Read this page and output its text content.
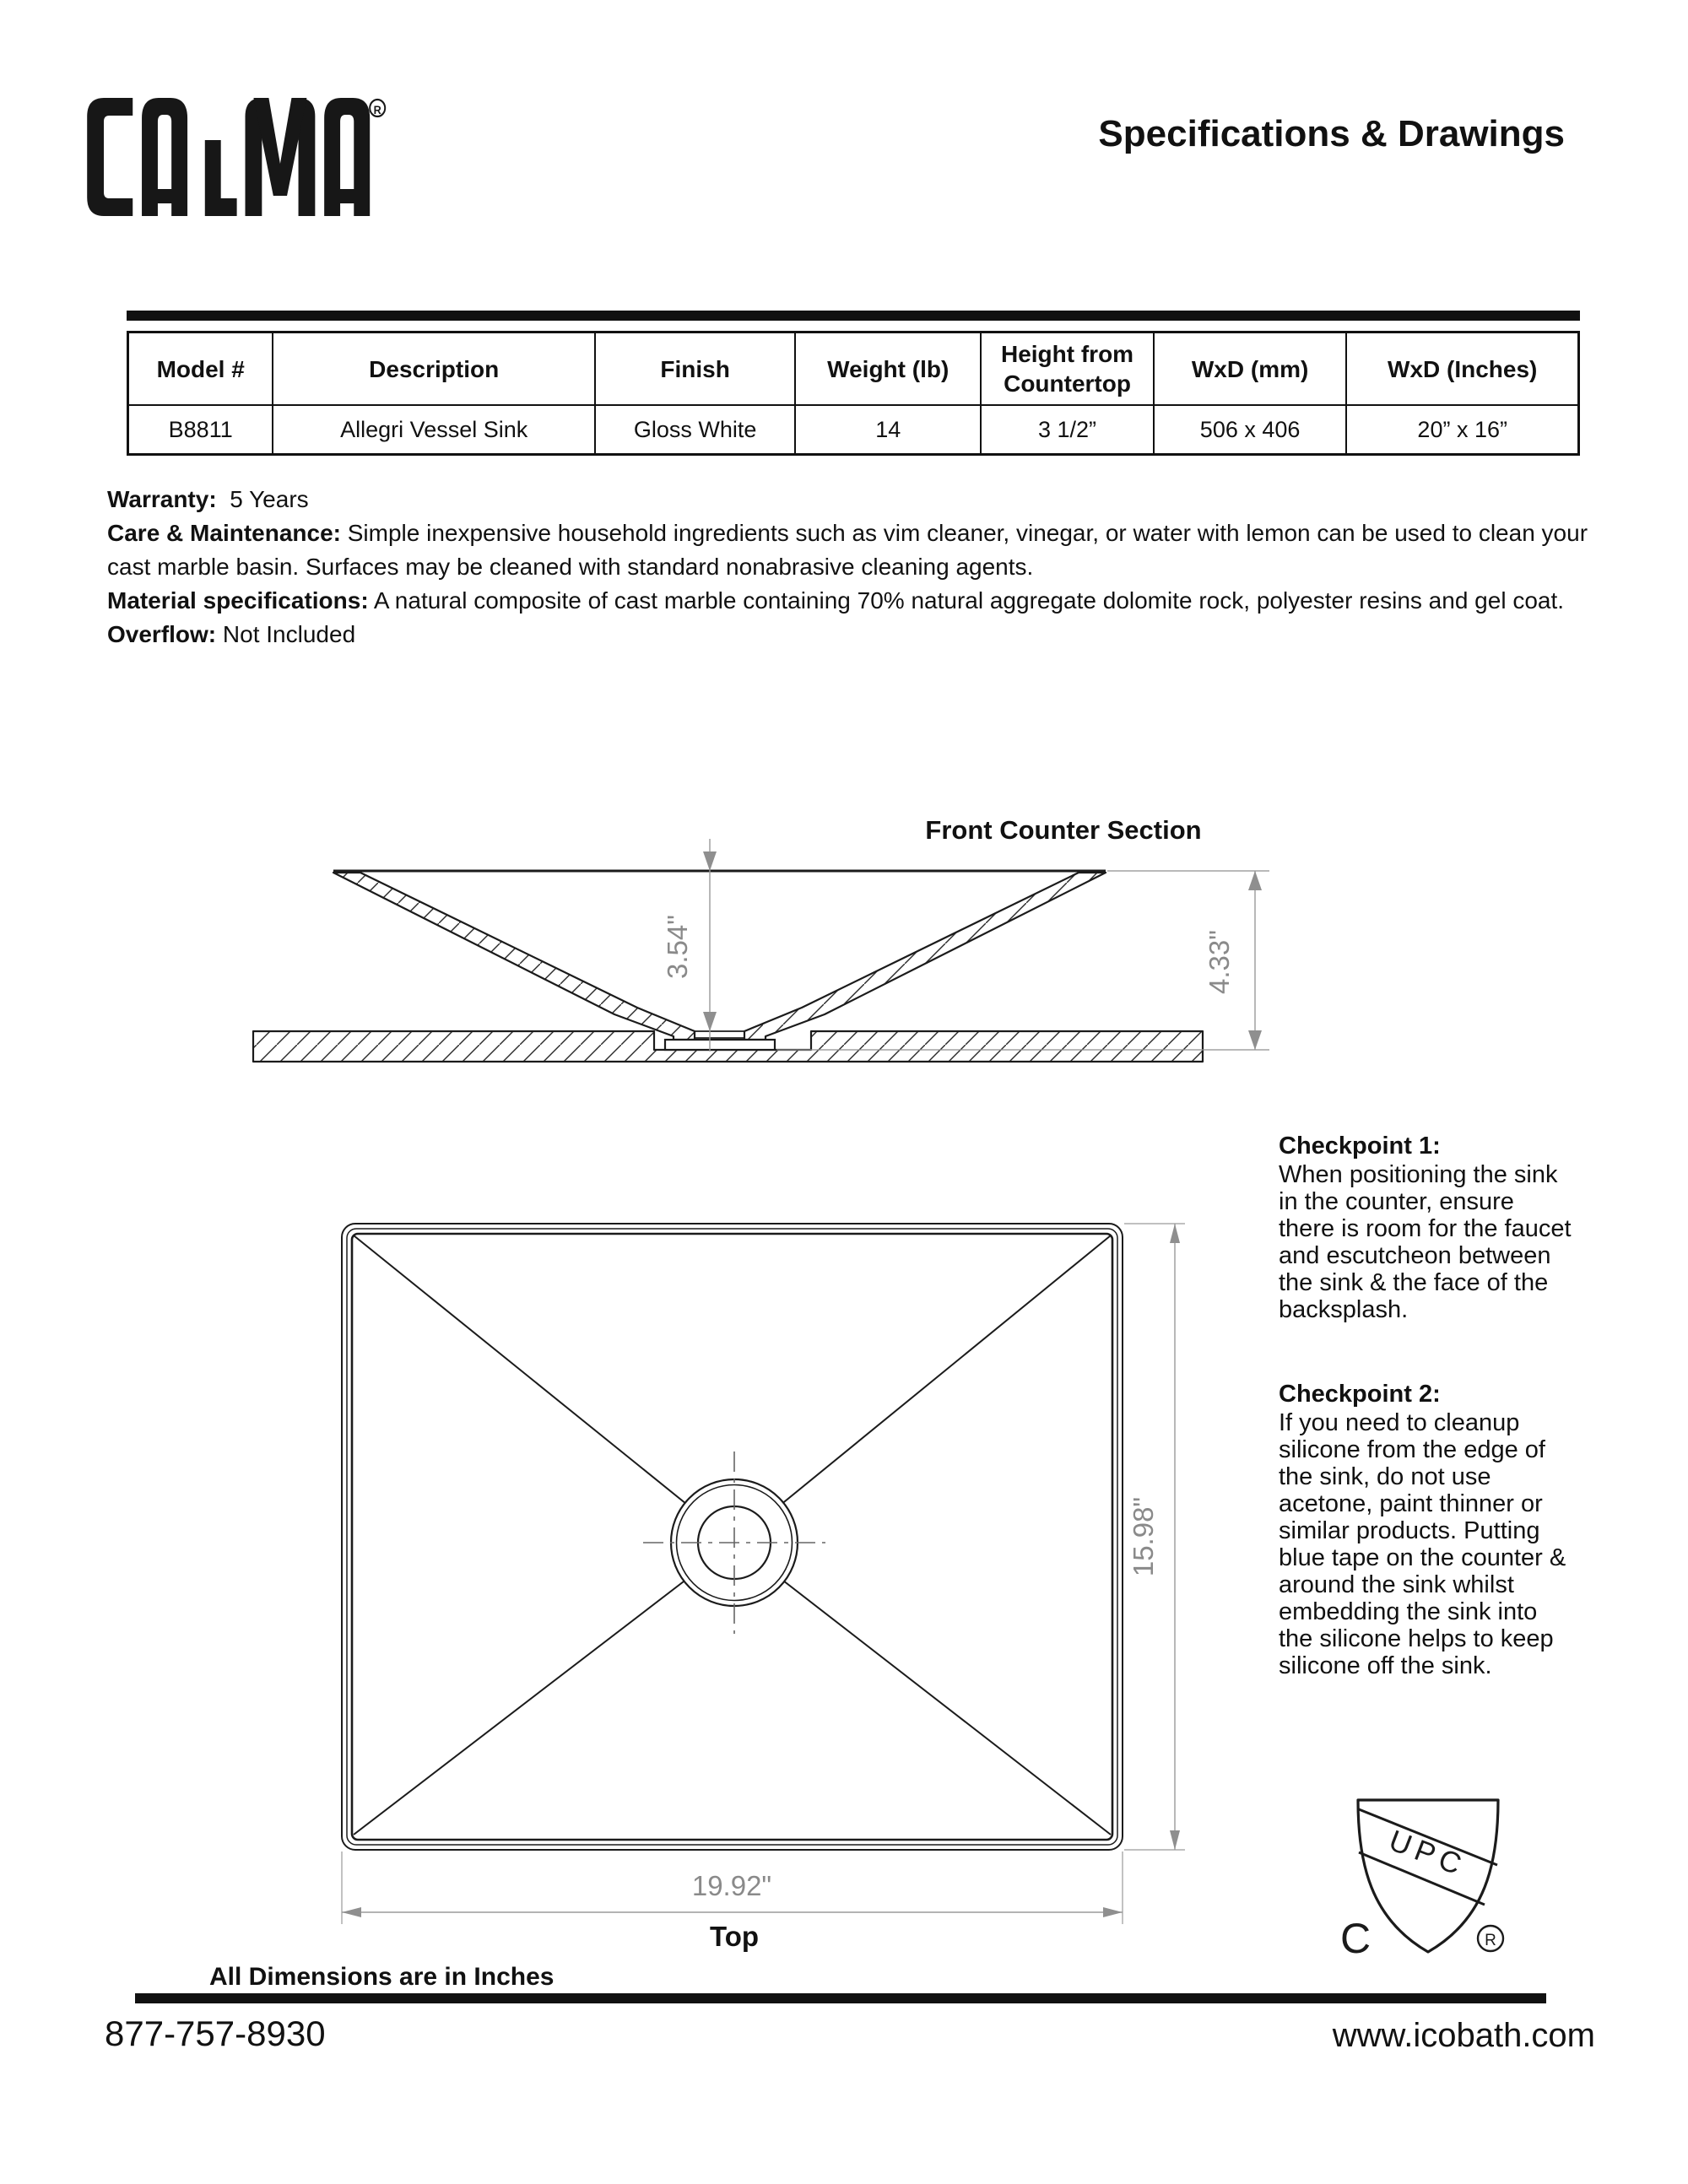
R
Specifications & Drawings
Model #	Description	Finish	Weight (lb)	Height from Countertop	WxD (mm)	WxD (Inches)
B8811	Allegri Vessel Sink	Gloss White	14	3 1/2”	506 x 406	20” x 16”

Warranty: 5 Years

Care & Maintenance: Simple inexpensive household ingredients such as vim cleaner, vinegar, or water with lemon can be used to clean your cast marble basin. Surfaces may be cleaned with standard nonabrasive cleaning agents.

Material specifications: A natural composite of cast marble containing 70% natural aggregate dolomite rock, polyester resins and gel coat.

Overflow: Not Included

Front Counter Section
3.54"	4.33"
Checkpoint 1:
When positioning the sink in the counter, ensure there is room for the faucet and escutcheon between the sink & the face of the backsplash.
Checkpoint 2:
If you need to cleanup silicone from the edge of the sink, do not use acetone, paint thinner or similar products. Putting blue tape on the counter & around the sink whilst embedding the sink into the silicone helps to keep silicone off the sink.
19.92"
15.98"
Top
UPC
C	R
All Dimensions are in Inches
877-757-8930	www.icobath.com
